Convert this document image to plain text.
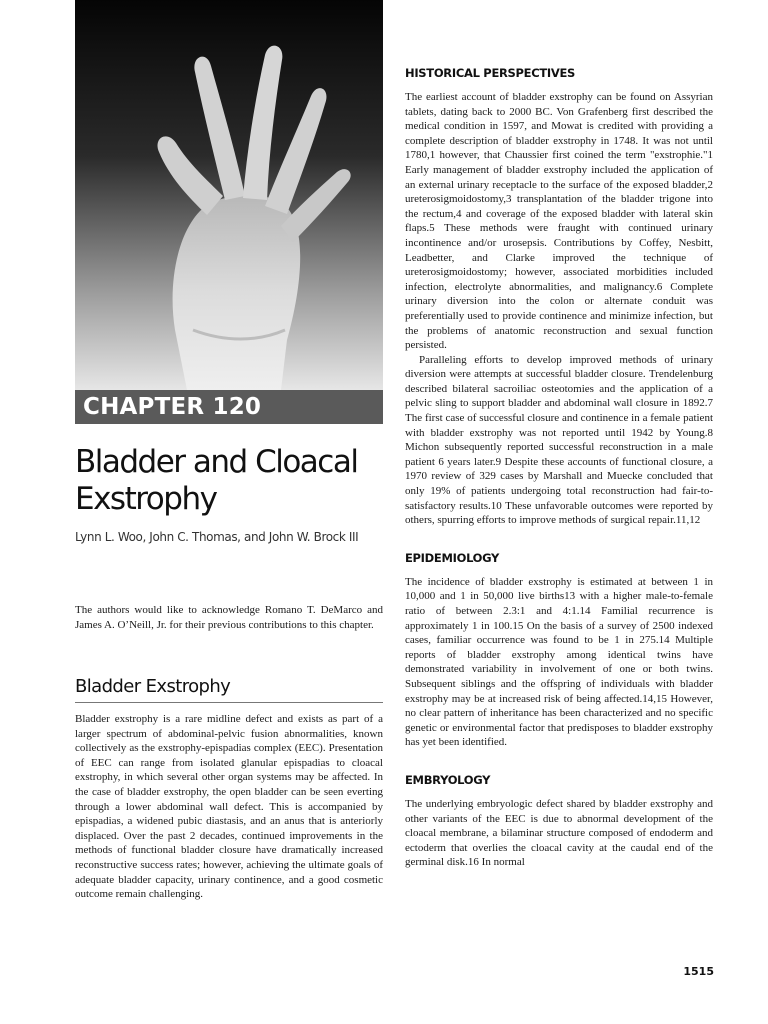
CHAPTER 120
Bladder and Cloacal Exstrophy
Lynn L. Woo, John C. Thomas, and John W. Brock III

The authors would like to acknowledge Romano T. DeMarco and James A. O’Neill, Jr. for their previous contributions to this chapter.

Bladder Exstrophy

Bladder exstrophy is a rare midline defect and exists as part of a larger spectrum of abdominal-pelvic fusion abnormalities, known collectively as the exstrophy-epispadias complex (EEC). Presentation of EEC can range from isolated glanular epispadias to cloacal exstrophy, in which several other organ systems may be affected. In the case of bladder exstrophy, the open bladder can be seen everting through a lower abdominal wall defect. This is accompanied by epispadias, a widened pubic diastasis, and an anus that is anteriorly displaced. Over the past 2 decades, continued improvements in the methods of functional bladder closure have dramatically increased reconstructive success rates; however, achieving the ultimate goals of adequate bladder capacity, urinary continence, and a good cosmetic outcome remain challenging.

HISTORICAL PERSPECTIVES

The earliest account of bladder exstrophy can be found on Assyrian tablets, dating back to 2000 BC. Von Grafenberg first described the medical condition in 1597, and Mowat is credited with providing a complete description of bladder exstrophy in 1748. It was not until 1780,1 however, that Chaussier first coined the term "exstrophie."1 Early management of bladder exstrophy included the application of an external urinary receptacle to the surface of the exposed bladder,2 ureterosigmoidostomy,3 transplantation of the bladder trigone into the rectum,4 and coverage of the exposed bladder with lateral skin flaps.5 These methods were fraught with continued urinary incontinence and/or urosepsis. Contributions by Coffey, Nesbitt, Leadbetter, and Clarke improved the technique of ureterosigmoidostomy; however, associated morbidities included infection, electrolyte abnormalities, and malignancy.6 Complete urinary diversion into the colon or alternate conduit was preferentially used to provide continence and minimize infection, but the problems of anatomic reconstruction and sexual function persisted.

Paralleling efforts to develop improved methods of urinary diversion were attempts at successful bladder closure. Trendelenburg described bilateral sacroiliac osteotomies and the application of a pelvic sling to support bladder and abdominal wall closure in 1892.7 The first case of successful closure and continence in a female patient with bladder exstrophy was not reported until 1942 by Young.8 Michon subsequently reported successful reconstruction in a male patient 6 years later.9 Despite these accounts of functional closure, a 1970 review of 329 cases by Marshall and Muecke concluded that only 19% of patients undergoing total reconstruction had fair-to-satisfactory results.10 These unfavorable outcomes were reported by others, spurring efforts to improve methods of surgical repair.11,12

EPIDEMIOLOGY

The incidence of bladder exstrophy is estimated at between 1 in 10,000 and 1 in 50,000 live births13 with a higher male-to-female ratio of between 2.3:1 and 4:1.14 Familial recurrence is approximately 1 in 100.15 On the basis of a survey of 2500 indexed cases, familiar occurrence was found to be 1 in 275.14 Multiple reports of bladder exstrophy among identical twins have demonstrated variability in involvement of one or both twins. Subsequent siblings and the offspring of individuals with bladder exstrophy may be at increased risk of being affected.14,15 However, no clear pattern of inheritance has been characterized and no specific genetic or environmental factor that predisposes to bladder exstrophy has yet been identified.

EMBRYOLOGY

The underlying embryologic defect shared by bladder exstrophy and other variants of the EEC is due to abnormal development of the cloacal membrane, a bilaminar structure composed of endoderm and ectoderm that overlies the cloacal cavity at the caudal end of the germinal disk.16 In normal

1515
